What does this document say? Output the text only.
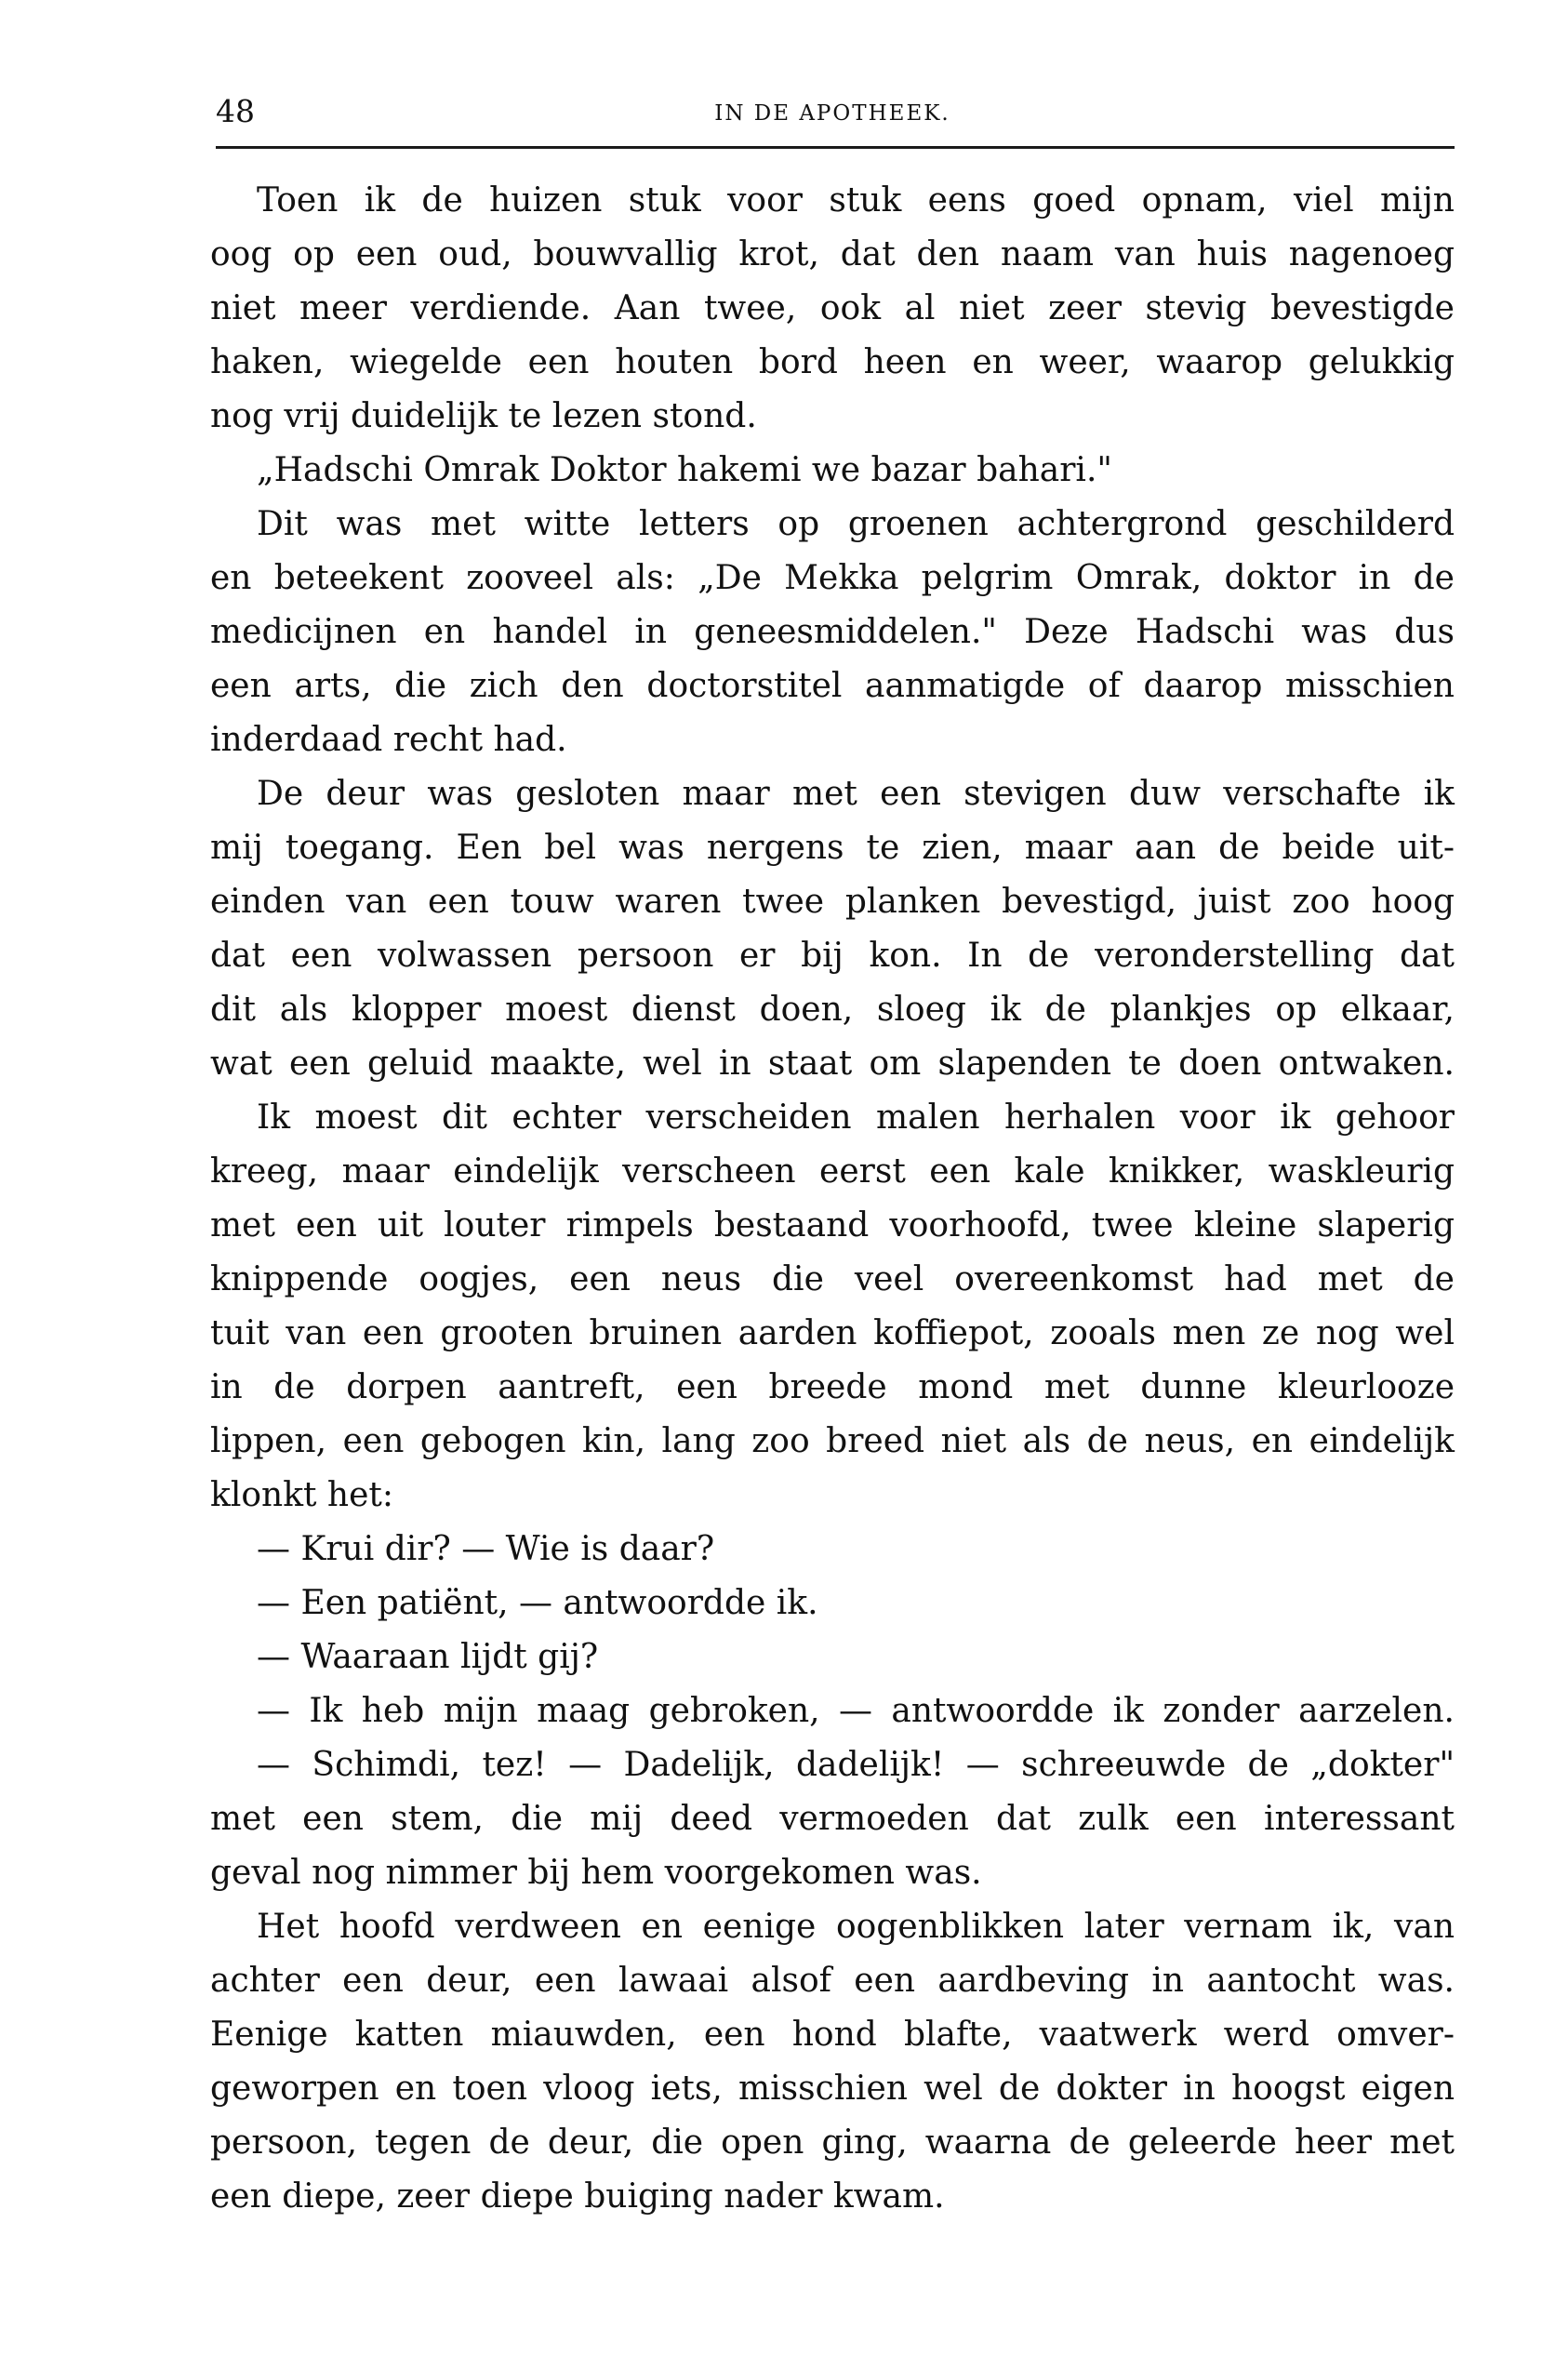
48	IN DE APOTHEEK.
Toen ik de huizen stuk voor stuk eens goed opnam, viel mijn
oog op een oud, bouwvallig krot, dat den naam van huis nagenoeg
niet meer verdiende. Aan twee, ook al niet zeer stevig bevestigde
haken, wiegelde een houten bord heen en weer, waarop gelukkig
nog vrij duidelijk te lezen stond.
„Hadschi Omrak Doktor hakemi we bazar bahari."
Dit was met witte letters op groenen achtergrond geschilderd
en beteekent zooveel als: „De Mekka pelgrim Omrak, doktor in de
medicijnen en handel in geneesmiddelen." Deze Hadschi was dus
een arts, die zich den doctorstitel aanmatigde of daarop misschien
inderdaad recht had.
De deur was gesloten maar met een stevigen duw verschafte ik
mij toegang. Een bel was nergens te zien, maar aan de beide uit-
einden van een touw waren twee planken bevestigd, juist zoo hoog
dat een volwassen persoon er bij kon. In de veronderstelling dat
dit als klopper moest dienst doen, sloeg ik de plankjes op elkaar,
wat een geluid maakte, wel in staat om slapenden te doen ontwaken.
Ik moest dit echter verscheiden malen herhalen voor ik gehoor
kreeg, maar eindelijk verscheen eerst een kale knikker, waskleurig
met een uit louter rimpels bestaand voorhoofd, twee kleine slaperig
knippende oogjes, een neus die veel overeenkomst had met de
tuit van een grooten bruinen aarden koffiepot, zooals men ze nog wel
in de dorpen aantreft, een breede mond met dunne kleurlooze
lippen, een gebogen kin, lang zoo breed niet als de neus, en eindelijk
klonkt het:
— Krui dir? — Wie is daar?
— Een patiënt, — antwoordde ik.
— Waaraan lijdt gij?
— Ik heb mijn maag gebroken, — antwoordde ik zonder aarzelen.
— Schimdi, tez! — Dadelijk, dadelijk! — schreeuwde de „dokter"
met een stem, die mij deed vermoeden dat zulk een interessant
geval nog nimmer bij hem voorgekomen was.
Het hoofd verdween en eenige oogenblikken later vernam ik, van
achter een deur, een lawaai alsof een aardbeving in aantocht was.
Eenige katten miauwden, een hond blafte, vaatwerk werd omver-
geworpen en toen vloog iets, misschien wel de dokter in hoogst eigen
persoon, tegen de deur, die open ging, waarna de geleerde heer met
een diepe, zeer diepe buiging nader kwam.
